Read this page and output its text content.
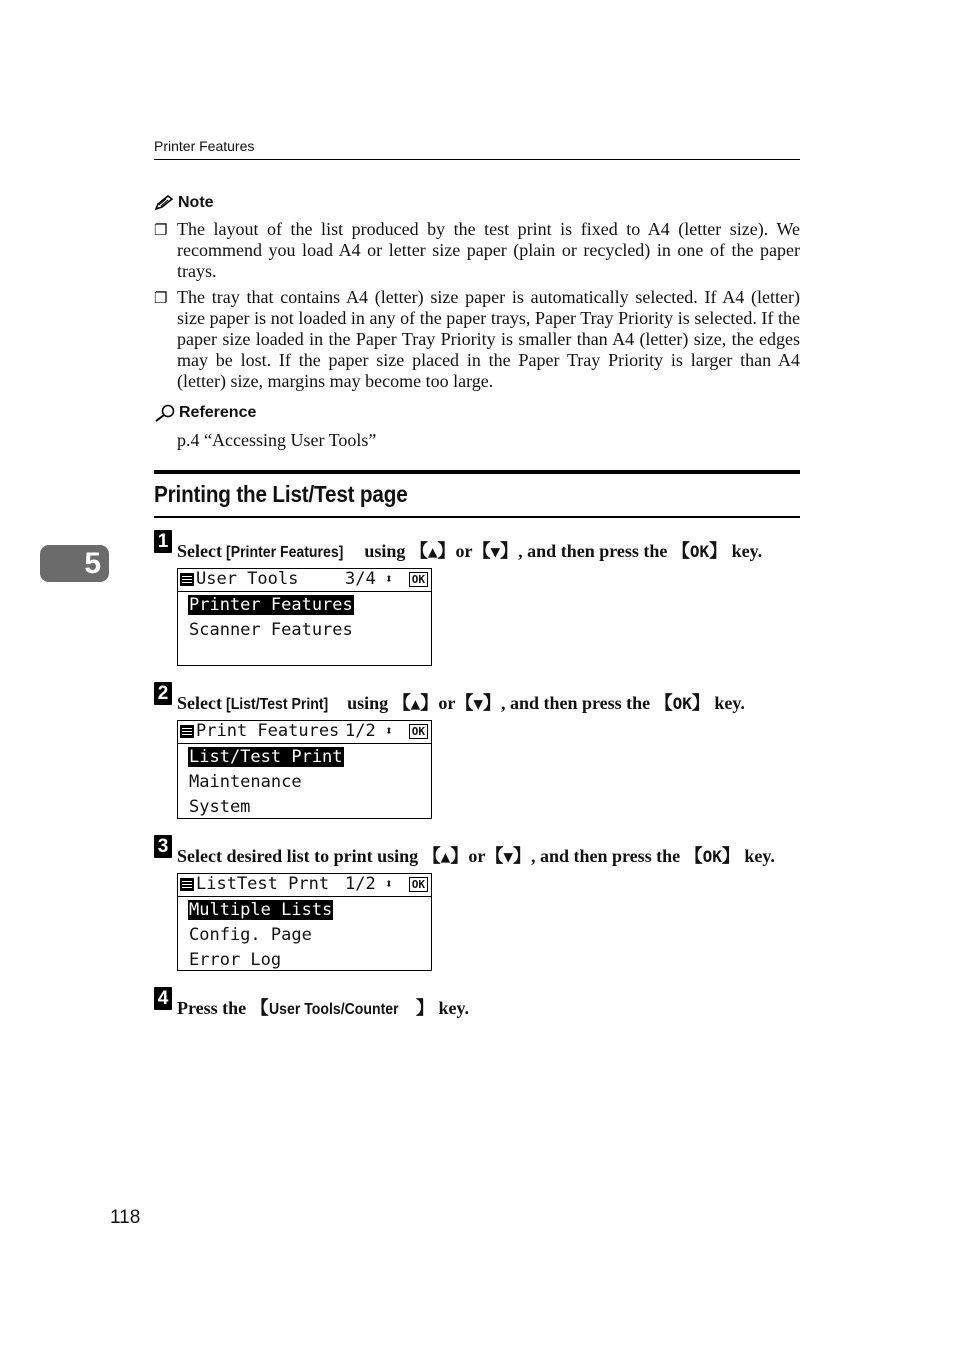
Printer Features
Note
❐ The layout of the list produced by the test print is fixed to A4 (letter size). We recommend you load A4 or letter size paper (plain or recycled) in one of the paper trays.
❐ The tray that contains A4 (letter) size paper is automatically selected. If A4 (letter) size paper is not loaded in any of the paper trays, Paper Tray Priority is selected. If the paper size loaded in the Paper Tray Priority is smaller than A4 (letter) size, the edges may be lost. If the paper size placed in the Paper Tray Priority is larger than A4 (letter) size, margins may become too large.
Reference
p.4 “Accessing User Tools”
Printing the List/Test page
5
1 Select [Printer Features] using 【▲】or【▼】, and then press the 【OK】 key.
User Tools	3/4 ⬍ OK
Printer Features
Scanner Features
2 Select [List/Test Print] using 【▲】or【▼】, and then press the 【OK】 key.
Print Features 1/2 ⬍ OK
List/Test Print
Maintenance
System
3 Select desired list to print using 【▲】or【▼】, and then press the 【OK】 key.
ListTest Prnt 1/2 ⬍ OK
Multiple Lists
Config. Page
Error Log
4 Press the 【User Tools/Counter 】 key.
118
